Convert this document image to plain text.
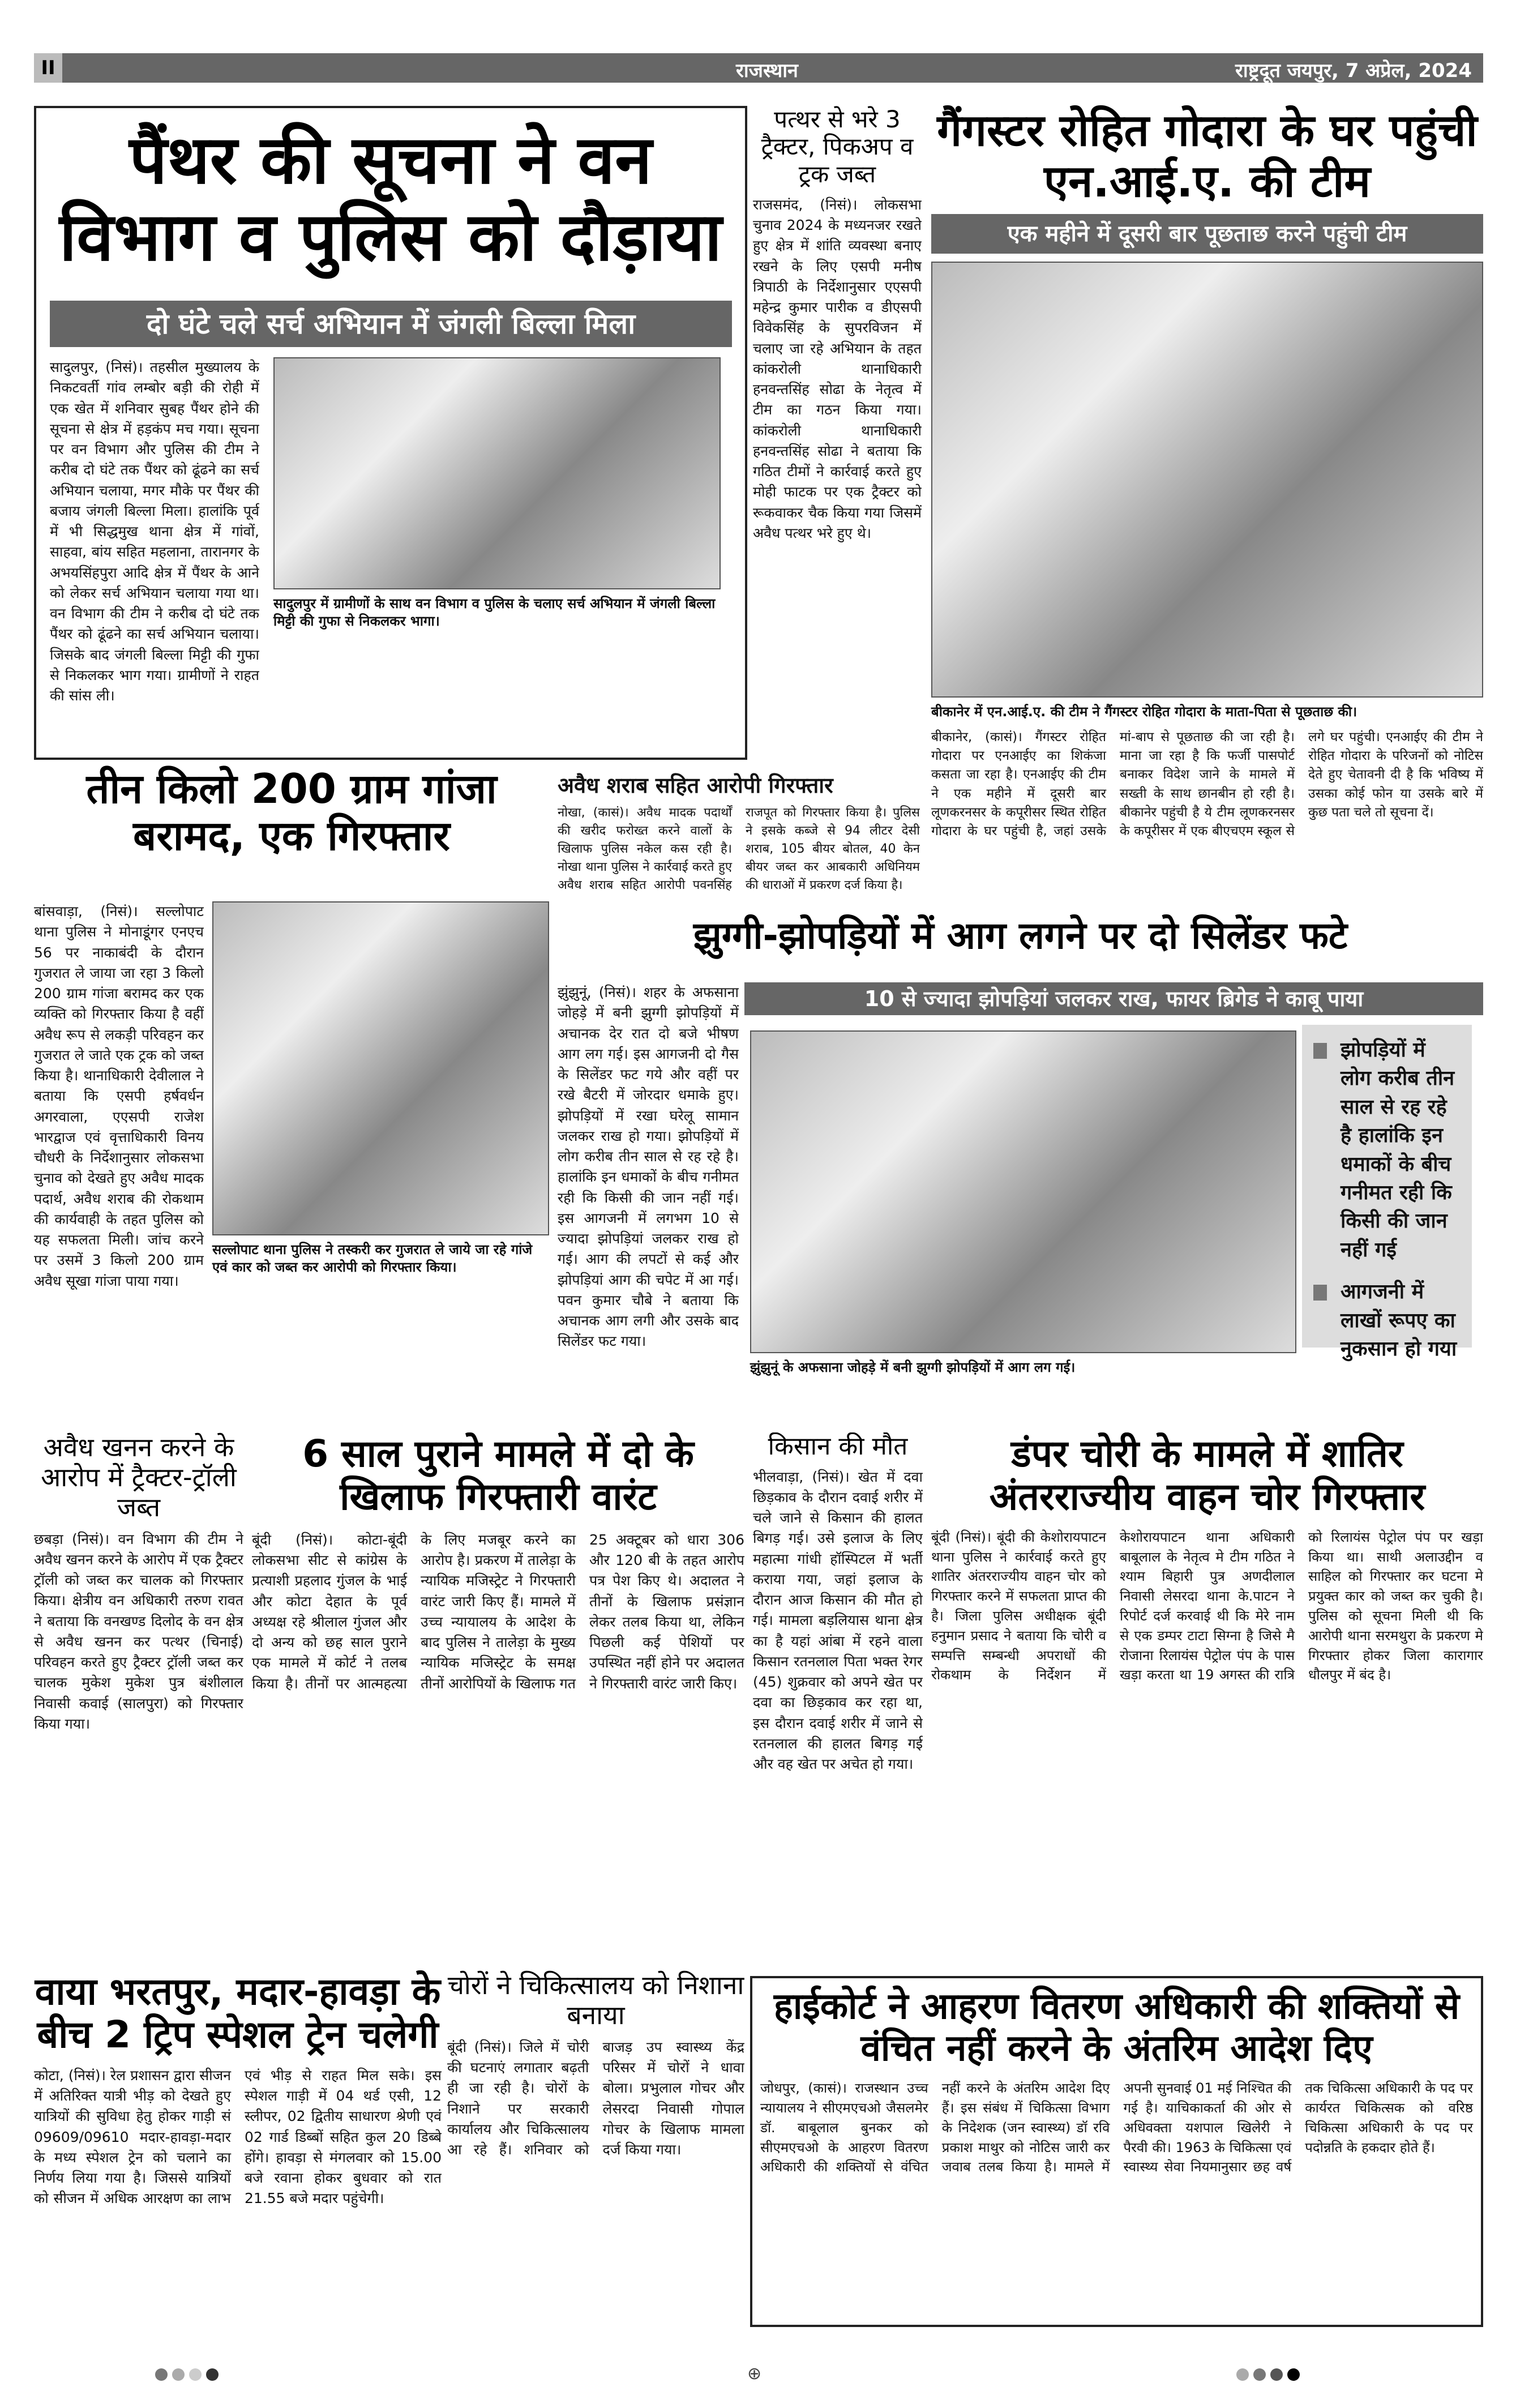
II	राजस्थान	राष्ट्रदूत जयपुर, 7 अप्रेल, 2024
पैंथर की सूचना ने वन विभाग व पुलिस को दौड़ाया
दो घंटे चले सर्च अभियान में जंगली बिल्ला मिला
सादुलपुर में ग्रामीणों के साथ वन विभाग व पुलिस के चलाए सर्च अभियान में जंगली बिल्ला मिट्टी की गुफा से निकलकर भागा।
सादुलपुर, (निसं)। तहसील मुख्यालय के निकटवर्ती गांव लम्बोर बड़ी की रोही में एक खेत में शनिवार सुबह पैंथर होने की सूचना से क्षेत्र में हड़कंप मच गया। सूचना पर वन विभाग और पुलिस की टीम ने करीब दो घंटे तक पैंथर को ढूंढने का सर्च अभियान चलाया, मगर मौके पर पैंथर की बजाय जंगली बिल्ला मिला। हालांकि पूर्व में भी सिद्धमुख थाना क्षेत्र में गांवों, साहवा, बांय सहित महलाना, तारानगर के अभयसिंहपुरा आदि क्षेत्र में पैंथर के आने को लेकर सर्च अभियान चलाया गया था। वन विभाग की टीम ने करीब दो घंटे तक पैंथर को ढूंढने का सर्च अभियान चलाया। जिसके बाद जंगली बिल्ला मिट्टी की गुफा से निकलकर भाग गया। ग्रामीणों ने राहत की सांस ली।
पत्थर से भरे 3 ट्रैक्टर, पिकअप व ट्रक जब्त
राजसमंद, (निसं)। लोकसभा चुनाव 2024 के मध्यनजर रखते हुए क्षेत्र में शांति व्यवस्था बनाए रखने के लिए एसपी मनीष त्रिपाठी के निर्देशानुसार एएसपी महेन्द्र कुमार पारीक व डीएसपी विवेकसिंह के सुपरविजन में चलाए जा रहे अभियान के तहत कांकरोली थानाधिकारी हनवन्तसिंह सोढा के नेतृत्व में टीम का गठन किया गया। कांकरोली थानाधिकारी हनवन्तसिंह सोढा ने बताया कि गठित टीमों ने कार्रवाई करते हुए मोही फाटक पर एक ट्रैक्टर को रूकवाकर चैक किया गया जिसमें अवैध पत्थर भरे हुए थे।
गैंगस्टर रोहित गोदारा के घर पहुंची एन.आई.ए. की टीम
एक महीने में दूसरी बार पूछताछ करने पहुंची टीम
बीकानेर में एन.आई.ए. की टीम ने गैंगस्टर रोहित गोदारा के माता-पिता से पूछताछ की।
बीकानेर, (कासं)। गैंगस्टर रोहित गोदारा पर एनआईए का शिकंजा कसता जा रहा है। एनआईए की टीम ने एक महीने में दूसरी बार लूणकरनसर के कपूरीसर स्थित रोहित गोदारा के घर पहुंची है, जहां उसके मां-बाप से पूछताछ की जा रही है। माना जा रहा है कि फर्जी पासपोर्ट बनाकर विदेश जाने के मामले में सख्ती के साथ छानबीन हो रही है। बीकानेर पहुंची है ये टीम लूणकरनसर के कपूरीसर में एक बीएचएम स्कूल से लगे घर पहुंची। एनआईए की टीम ने रोहित गोदारा के परिजनों को नोटिस देते हुए चेतावनी दी है कि भविष्य में उसका कोई फोन या उसके बारे में कुछ पता चले तो सूचना दें।
तीन किलो 200 ग्राम गांजा बरामद, एक गिरफ्तार
सल्लोपाट थाना पुलिस ने तस्करी कर गुजरात ले जाये जा रहे गांजे एवं कार को जब्त कर आरोपी को गिरफ्तार किया।
बांसवाड़ा, (निसं)। सल्लोपाट थाना पुलिस ने मोनाडूंगर एनएच 56 पर नाकाबंदी के दौरान गुजरात ले जाया जा रहा 3 किलो 200 ग्राम गांजा बरामद कर एक व्यक्ति को गिरफ्तार किया है वहीं अवैध रूप से लकड़ी परिवहन कर गुजरात ले जाते एक ट्रक को जब्त किया है। थानाधिकारी देवीलाल ने बताया कि एसपी हर्षवर्धन अगरवाला, एएसपी राजेश भारद्वाज एवं वृत्ताधिकारी विनय चौधरी के निर्देशानुसार लोकसभा चुनाव को देखते हुए अवैध मादक पदार्थ, अवैध शराब की रोकथाम की कार्यवाही के तहत पुलिस को यह सफलता मिली। जांच करने पर उसमें 3 किलो 200 ग्राम अवैध सूखा गांजा पाया गया।
अवैध शराब सहित आरोपी गिरफ्तार
नोखा, (कासं)। अवैध मादक पदार्थों की खरीद फरोख्त करने वालों के खिलाफ पुलिस नकेल कस रही है। नोखा थाना पुलिस ने कार्रवाई करते हुए अवैध शराब सहित आरोपी पवनसिंह राजपूत को गिरफ्तार किया है। पुलिस ने इसके कब्जे से 94 लीटर देसी शराब, 105 बीयर बोतल, 40 केन बीयर जब्त कर आबकारी अधिनियम की धाराओं में प्रकरण दर्ज किया है।
झुग्गी-झोपड़ियों में आग लगने पर दो सिलेंडर फटे
10 से ज्यादा झोपड़ियां जलकर राख, फायर ब्रिगेड ने काबू पाया
झुंझुनूं, (निसं)। शहर के अफसाना जोहड़े में बनी झुग्गी झोपड़ियों में अचानक देर रात दो बजे भीषण आग लग गई। इस आगजनी दो गैस के सिलेंडर फट गये और वहीं पर रखे बैटरी में जोरदार धमाके हुए। झोपड़ियों में रखा घरेलू सामान जलकर राख हो गया। झोपड़ियों में लोग करीब तीन साल से रह रहे है। हालांकि इन धमाकों के बीच गनीमत रही कि किसी की जान नहीं गई। इस आगजनी में लगभग 10 से ज्यादा झोपड़ियां जलकर राख हो गई। आग की लपटों से कई और झोपड़ियां आग की चपेट में आ गई। पवन कुमार चौबे ने बताया कि अचानक आग लगी और उसके बाद सिलेंडर फट गया।
झुंझुनूं के अफसाना जोहड़े में बनी झुग्गी झोपड़ियों में आग लग गई।
झोपड़ियों में लोग करीब तीन साल से रह रहे है हालांकि इन धमाकों के बीच गनीमत रही कि किसी की जान नहीं गई
आगजनी में लाखों रूपए का नुकसान हो गया
अवैध खनन करने के आरोप में ट्रैक्टर-ट्रॉली जब्त
छबड़ा (निसं)। वन विभाग की टीम ने अवैध खनन करने के आरोप में एक ट्रैक्टर ट्रॉली को जब्त कर चालक को गिरफ्तार किया। क्षेत्रीय वन अधिकारी तरुण रावत ने बताया कि वनखण्ड दिलोद के वन क्षेत्र से अवैध खनन कर पत्थर (चिनाई) परिवहन करते हुए ट्रैक्टर ट्रॉली जब्त कर चालक मुकेश मुकेश पुत्र बंशीलाल निवासी कवाई (सालपुरा) को गिरफ्तार किया गया।
6 साल पुराने मामले में दो के खिलाफ गिरफ्तारी वारंट
बूंदी (निसं)। कोटा-बूंदी लोकसभा सीट से कांग्रेस के प्रत्याशी प्रहलाद गुंजल के भाई और कोटा देहात के पूर्व अध्यक्ष रहे श्रीलाल गुंजल और दो अन्य को छह साल पुराने एक मामले में कोर्ट ने तलब किया है। तीनों पर आत्महत्या के लिए मजबूर करने का आरोप है। प्रकरण में तालेड़ा के न्यायिक मजिस्ट्रेट ने गिरफ्तारी वारंट जारी किए हैं। मामले में उच्च न्यायालय के आदेश के बाद पुलिस ने तालेड़ा के मुख्य न्यायिक मजिस्ट्रेट के समक्ष तीनों आरोपियों के खिलाफ गत 25 अक्टूबर को धारा 306 और 120 बी के तहत आरोप पत्र पेश किए थे। अदालत ने तीनों के खिलाफ प्रसंज्ञान लेकर तलब किया था, लेकिन पिछली कई पेशियों पर उपस्थित नहीं होने पर अदालत ने गिरफ्तारी वारंट जारी किए।
किसान की मौत
भीलवाड़ा, (निसं)। खेत में दवा छिड़काव के दौरान दवाई शरीर में चले जाने से किसान की हालत बिगड़ गई। उसे इलाज के लिए महात्मा गांधी हॉस्पिटल में भर्ती कराया गया, जहां इलाज के दौरान आज किसान की मौत हो गई। मामला बड़लियास थाना क्षेत्र का है यहां आंबा में रहने वाला किसान रतनलाल पिता भक्त रेगर (45) शुक्रवार को अपने खेत पर दवा का छिड़काव कर रहा था, इस दौरान दवाई शरीर में जाने से रतनलाल की हालत बिगड़ गई और वह खेत पर अचेत हो गया।
डंपर चोरी के मामले में शातिर अंतरराज्यीय वाहन चोर गिरफ्तार
बूंदी (निसं)। बूंदी की केशोरायपाटन थाना पुलिस ने कार्रवाई करते हुए शातिर अंतरराज्यीय वाहन चोर को गिरफ्तार करने में सफलता प्राप्त की है। जिला पुलिस अधीक्षक बूंदी हनुमान प्रसाद ने बताया कि चोरी व सम्पत्ति सम्बन्धी अपराधों की रोकथाम के निर्देशन में केशोरायपाटन थाना अधिकारी बाबूलाल के नेतृत्व मे टीम गठित ने श्याम बिहारी पुत्र अणदीलाल निवासी लेसरदा थाना के.पाटन ने रिपोर्ट दर्ज करवाई थी कि मेरे नाम से एक डम्पर टाटा सिग्ना है जिसे मै रोजाना रिलायंस पेट्रोल पंप के पास खड़ा करता था 19 अगस्त की रात्रि को रिलायंस पेट्रोल पंप पर खड़ा किया था। साथी अलाउद्दीन व साहिल को गिरफ्तार कर घटना मे प्रयुक्त कार को जब्त कर चुकी है। पुलिस को सूचना मिली थी कि आरोपी थाना सरमथुरा के प्रकरण मे गिरफ्तार होकर जिला कारागार धौलपुर में बंद है।
वाया भरतपुर, मदार-हावड़ा के बीच 2 ट्रिप स्पेशल ट्रेन चलेगी
कोटा, (निसं)। रेल प्रशासन द्वारा सीजन में अतिरिक्त यात्री भीड़ को देखते हुए यात्रियों की सुविधा हेतु होकर गाड़ी सं 09609/09610 मदार-हावड़ा-मदार के मध्य स्पेशल ट्रेन को चलाने का निर्णय लिया गया है। जिससे यात्रियों को सीजन में अधिक आरक्षण का लाभ एवं भीड़ से राहत मिल सके। इस स्पेशल गाड़ी में 04 थर्ड एसी, 12 स्लीपर, 02 द्वितीय साधारण श्रेणी एवं 02 गार्ड डिब्बों सहित कुल 20 डिब्बे होंगे। हावड़ा से मंगलवार को 15.00 बजे रवाना होकर बुधवार को रात 21.55 बजे मदार पहुंचेगी।
चोरों ने चिकित्सालय को निशाना बनाया
बूंदी (निसं)। जिले में चोरी की घटनाएं लगातार बढ़ती ही जा रही है। चोरों के निशाने पर सरकारी कार्यालय और चिकित्सालय आ रहे हैं। शनिवार को बाजड़ उप स्वास्थ्य केंद्र परिसर में चोरों ने धावा बोला। प्रभुलाल गोचर और लेसरदा निवासी गोपाल गोचर के खिलाफ मामला दर्ज किया गया।
हाईकोर्ट ने आहरण वितरण अधिकारी की शक्तियों से वंचित नहीं करने के अंतरिम आदेश दिए
जोधपुर, (कासं)। राजस्थान उच्च न्यायालय ने सीएमएचओ जैसलमेर डॉ. बाबूलाल बुनकर को सीएमएचओ के आहरण वितरण अधिकारी की शक्तियों से वंचित नहीं करने के अंतरिम आदेश दिए हैं। इस संबंध में चिकित्सा विभाग के निदेशक (जन स्वास्थ्य) डॉ रवि प्रकाश माथुर को नोटिस जारी कर जवाब तलब किया है। मामले में अपनी सुनवाई 01 मई निश्चित की गई है। याचिकाकर्ता की ओर से अधिवक्ता यशपाल खिलेरी ने पैरवी की। 1963 के चिकित्सा एवं स्वास्थ्य सेवा नियमानुसार छह वर्ष तक चिकित्सा अधिकारी के पद पर कार्यरत चिकित्सक को वरिष्ठ चिकित्सा अधिकारी के पद पर पदोन्नति के हकदार होते हैं।
⊕
